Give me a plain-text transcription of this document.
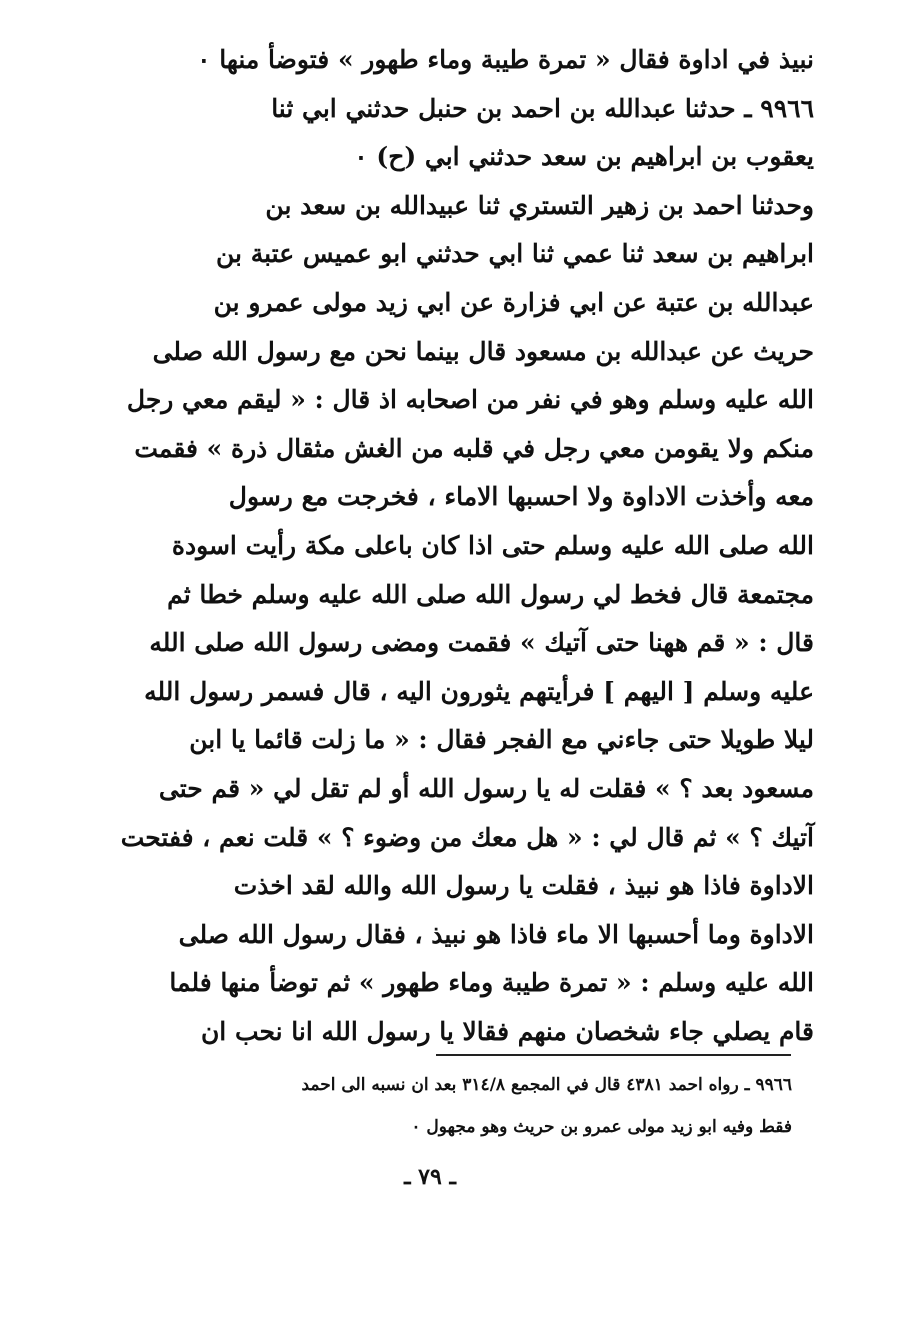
نبيذ في اداوة فقال « تمرة طيبة وماء طهور » فتوضأ منها ٠
٩٩٦٦ ـ حدثنا عبدالله بن احمد بن حنبل حدثني ابي ثنا
يعقوب بن ابراهيم بن سعد حدثني ابي (ح) ٠
وحدثنا احمد بن زهير التستري ثنا عبيدالله بن سعد بن
ابراهيم بن سعد ثنا عمي ثنا ابي حدثني ابو عميس عتبة بن
عبدالله بن عتبة عن ابي فزارة عن ابي زيد مولى عمرو بن
حريث عن عبدالله بن مسعود قال بينما نحن مع رسول الله صلى
الله عليه وسلم وهو في نفر من اصحابه اذ قال : « ليقم معي رجل
منكم ولا يقومن معي رجل في قلبه من الغش مثقال ذرة » فقمت
معه وأخذت الاداوة ولا احسبها الاماء ، فخرجت مع رسول
الله صلى الله عليه وسلم حتى اذا كان باعلى مكة رأيت اسودة
مجتمعة قال فخط لي رسول الله صلى الله عليه وسلم خطا ثم
قال : « قم ههنا حتى آتيك » فقمت ومضى رسول الله صلى الله
عليه وسلم [ اليهم ] فرأيتهم يثورون اليه ، قال فسمر رسول الله
ليلا طويلا حتى جاءني مع الفجر فقال : « ما زلت قائما يا ابن
مسعود بعد ؟ » فقلت له يا رسول الله أو لم تقل لي « قم حتى
آتيك ؟ » ثم قال لي : « هل معك من وضوء ؟ » قلت نعم ، ففتحت
الاداوة فاذا هو نبيذ ، فقلت يا رسول الله والله لقد اخذت
الاداوة وما أحسبها الا ماء فاذا هو نبيذ ، فقال رسول الله صلى
الله عليه وسلم : « تمرة طيبة وماء طهور » ثم توضأ منها فلما
قام يصلي جاء شخصان منهم فقالا يا رسول الله انا نحب ان
٩٩٦٦ ـ رواه احمد ٤٣٨١ قال في المجمع ٣١٤/٨ بعد ان نسبه الى احمد
فقط وفيه ابو زيد مولى عمرو بن حريث وهو مجهول ٠
ـ ٧٩ ـ
